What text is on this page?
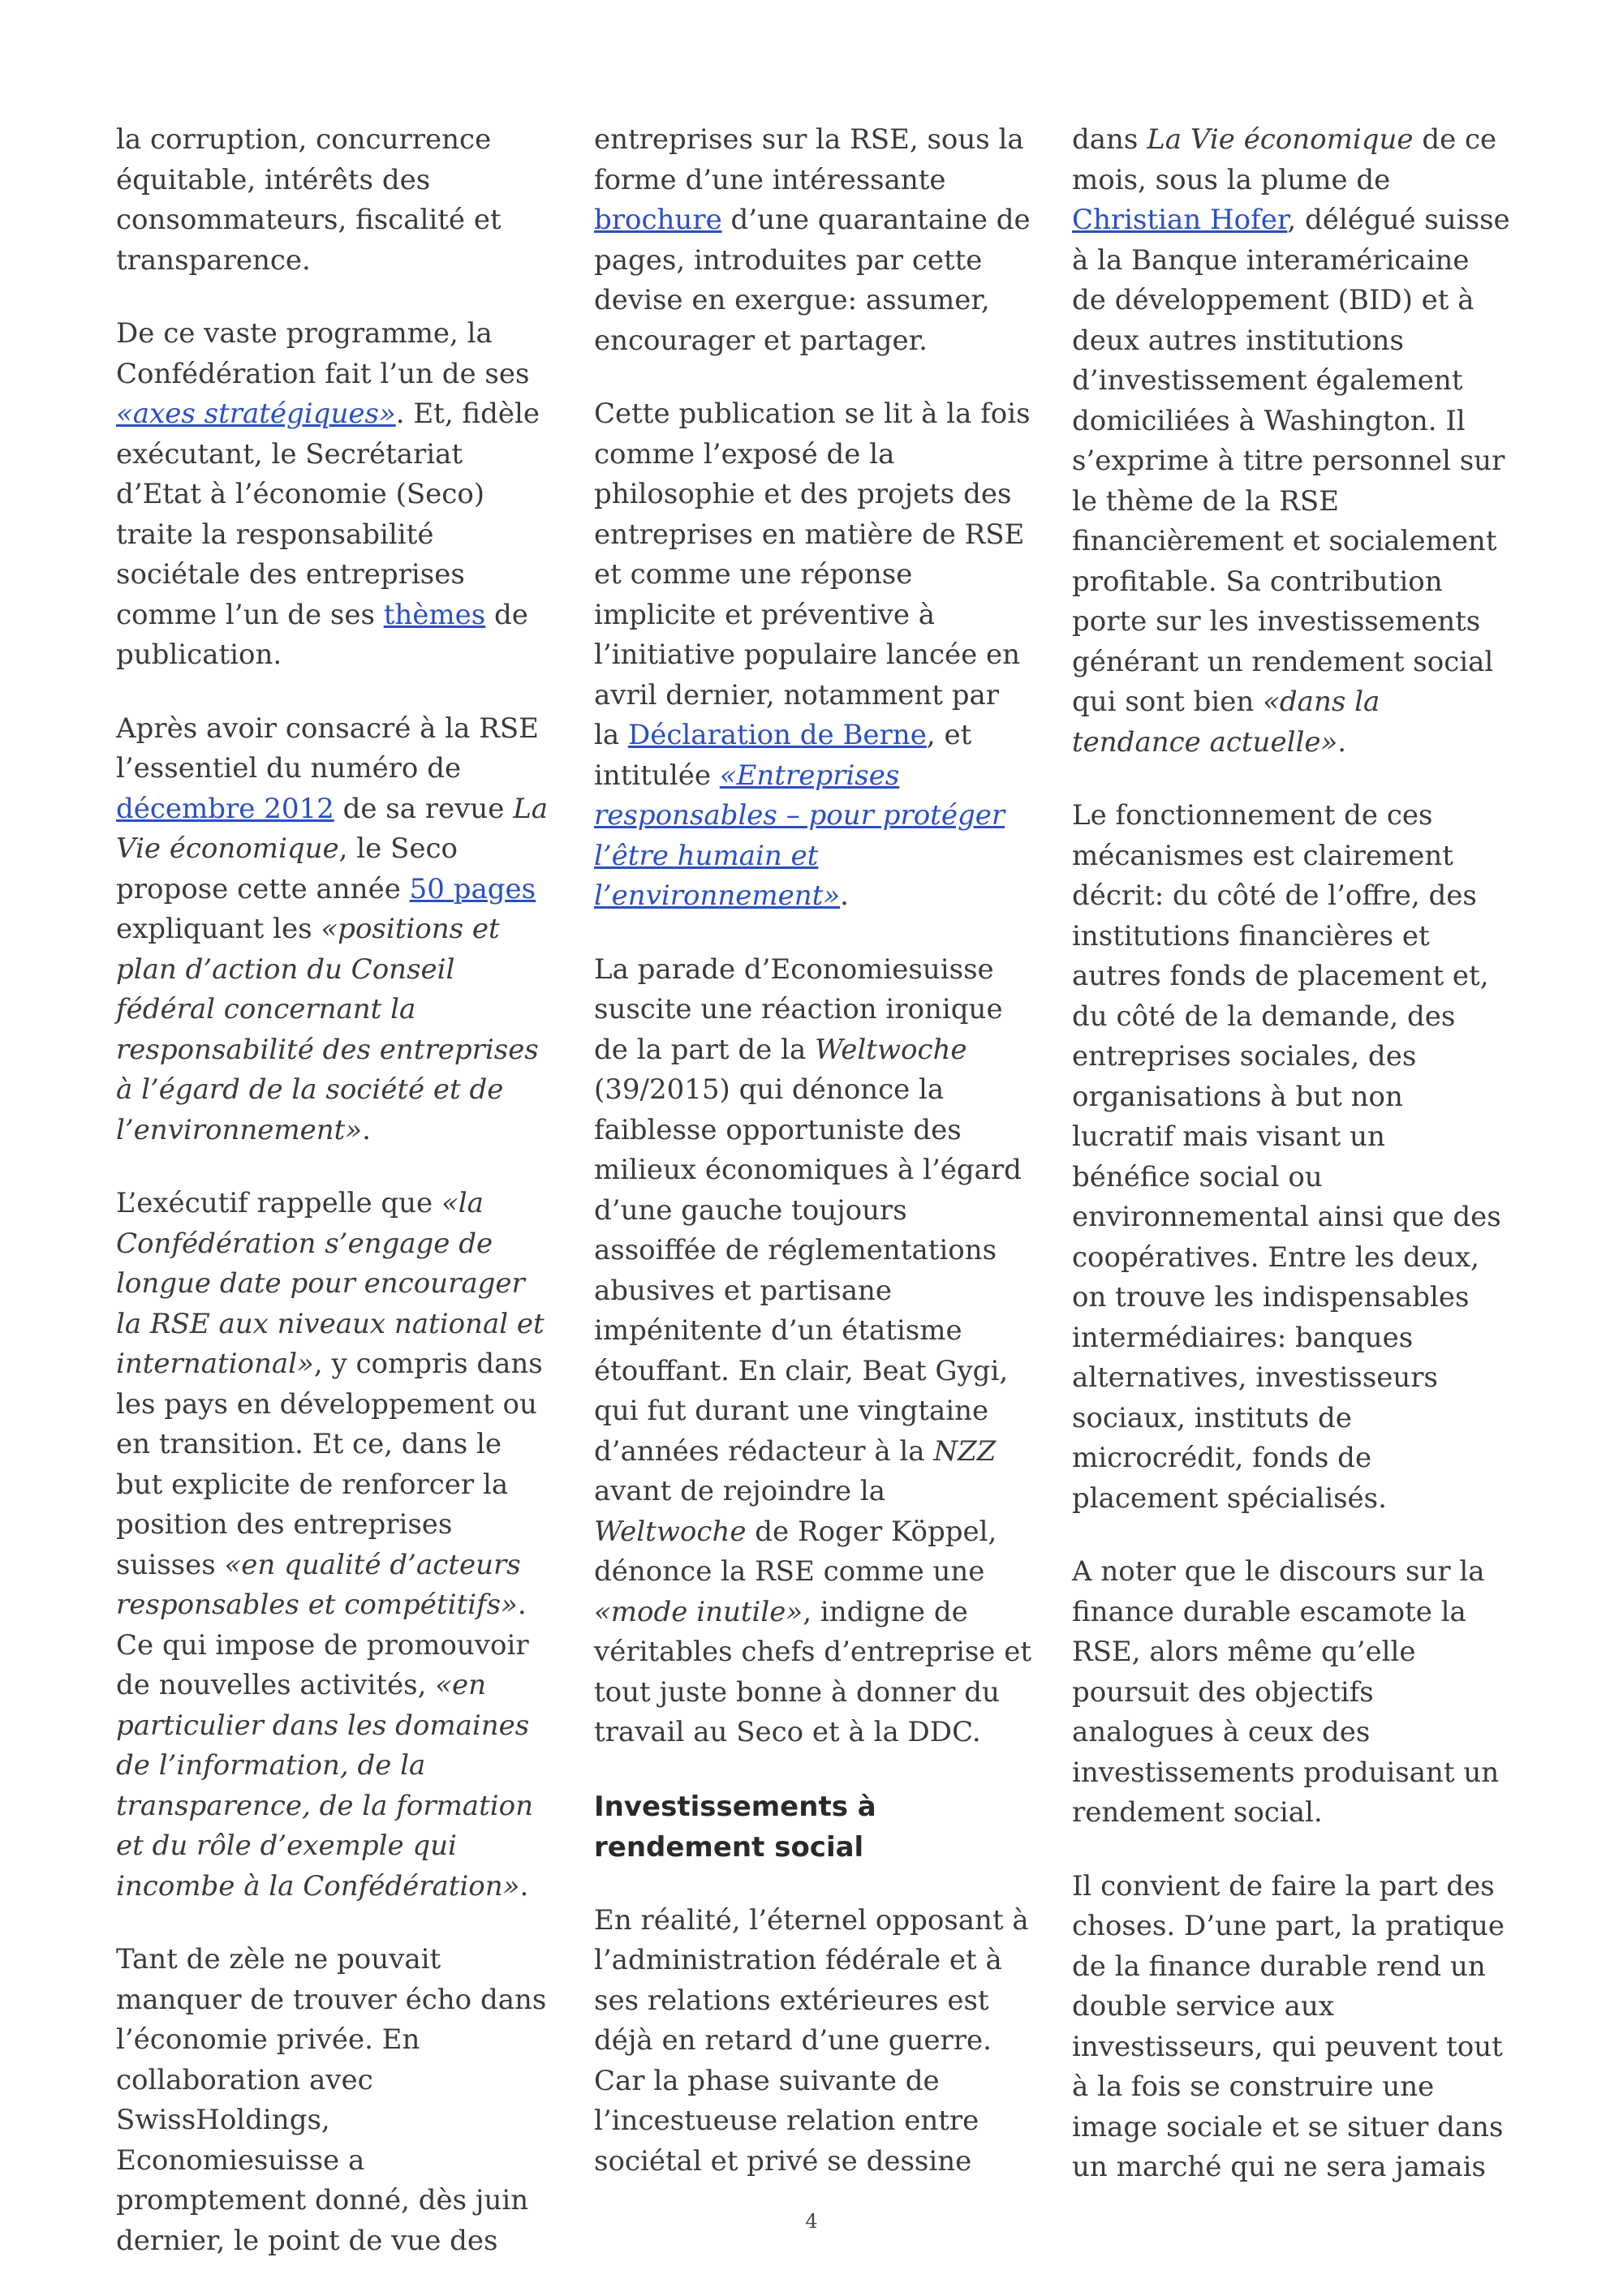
la corruption, concurrence équitable, intérêts des consommateurs, fiscalité et transparence.

De ce vaste programme, la Confédération fait l’un de ses «axes stratégiques». Et, fidèle exécutant, le Secrétariat d’Etat à l’économie (Seco) traite la responsabilité sociétale des entreprises comme l’un de ses thèmes de publication.

Après avoir consacré à la RSE l’essentiel du numéro de décembre 2012 de sa revue La Vie économique, le Seco propose cette année 50 pages expliquant les «positions et plan d’action du Conseil fédéral concernant la responsabilité des entreprises à l’égard de la société et de l’environnement».

L’exécutif rappelle que «la Confédération s’engage de longue date pour encourager la RSE aux niveaux national et international», y compris dans les pays en développement ou en transition. Et ce, dans le but explicite de renforcer la position des entreprises suisses «en qualité d’acteurs responsables et compétitifs». Ce qui impose de promouvoir de nouvelles activités, «en particulier dans les domaines de l’information, de la transparence, de la formation et du rôle d’exemple qui incombe à la Confédération».

Tant de zèle ne pouvait manquer de trouver écho dans l’économie privée. En collaboration avec SwissHoldings, Economiesuisse a promptement donné, dès juin dernier, le point de vue des

entreprises sur la RSE, sous la forme d’une intéressante brochure d’une quarantaine de pages, introduites par cette devise en exergue: assumer, encourager et partager.

Cette publication se lit à la fois comme l’exposé de la philosophie et des projets des entreprises en matière de RSE et comme une réponse implicite et préventive à l’initiative populaire lancée en avril dernier, notamment par la Déclaration de Berne, et intitulée «Entreprises responsables – pour protéger l’être humain et l’environnement».

La parade d’Economiesuisse suscite une réaction ironique de la part de la Weltwoche (39/2015) qui dénonce la faiblesse opportuniste des milieux économiques à l’égard d’une gauche toujours assoiffée de réglementations abusives et partisane impénitente d’un étatisme étouffant. En clair, Beat Gygi, qui fut durant une vingtaine d’années rédacteur à la NZZ avant de rejoindre la Weltwoche de Roger Köppel, dénonce la RSE comme une «mode inutile», indigne de véritables chefs d’entreprise et tout juste bonne à donner du travail au Seco et à la DDC.

Investissements à rendement social

En réalité, l’éternel opposant à l’administration fédérale et à ses relations extérieures est déjà en retard d’une guerre. Car la phase suivante de l’incestueuse relation entre sociétal et privé se dessine

dans La Vie économique de ce mois, sous la plume de Christian Hofer, délégué suisse à la Banque interaméricaine de développement (BID) et à deux autres institutions d’investissement également domiciliées à Washington. Il s’exprime à titre personnel sur le thème de la RSE financièrement et socialement profitable. Sa contribution porte sur les investissements générant un rendement social qui sont bien «dans la tendance actuelle».

Le fonctionnement de ces mécanismes est clairement décrit: du côté de l’offre, des institutions financières et autres fonds de placement et, du côté de la demande, des entreprises sociales, des organisations à but non lucratif mais visant un bénéfice social ou environnemental ainsi que des coopératives. Entre les deux, on trouve les indispensables intermédiaires: banques alternatives, investisseurs sociaux, instituts de microcrédit, fonds de placement spécialisés.

A noter que le discours sur la finance durable escamote la RSE, alors même qu’elle poursuit des objectifs analogues à ceux des investissements produisant un rendement social.

Il convient de faire la part des choses. D’une part, la pratique de la finance durable rend un double service aux investisseurs, qui peuvent tout à la fois se construire une image sociale et se situer dans un marché qui ne sera jamais

4
